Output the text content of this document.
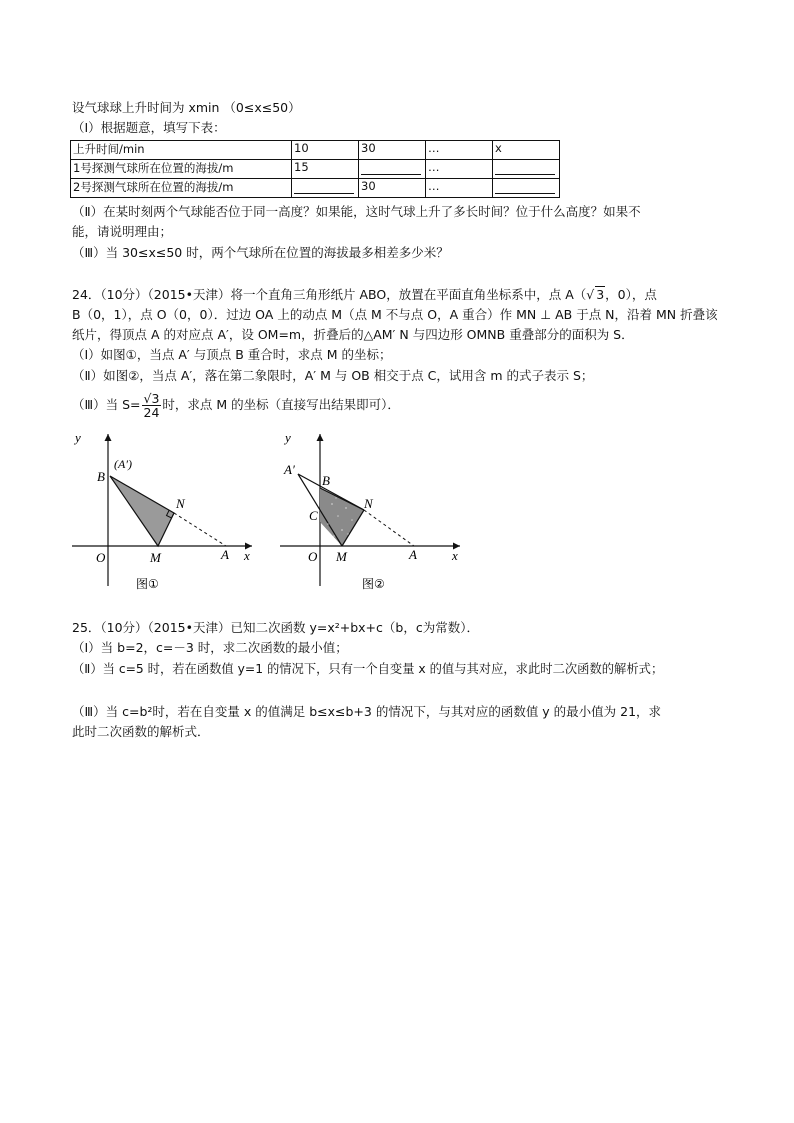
设气球球上升时间为 xmin （0≤x≤50）
（Ⅰ）根据题意，填写下表：
上升时间/min	10	30	…	x
1号探测气球所在位置的海拔/m	15		…	
2号探测气球所在位置的海拔/m		30	…	
（Ⅱ）在某时刻两个气球能否位于同一高度？如果能，这时气球上升了多长时间？位于什么高度？如果不
能，请说明理由；
（Ⅲ）当 30≤x≤50 时，两个气球所在位置的海拔最多相差多少米？
24．（10分）（2015•天津）将一个直角三角形纸片 ABO，放置在平面直角坐标系中，点 A（√ 3，0），点
B（0，1），点 O（0，0）．过边 OA 上的动点 M（点 M 不与点 O，A 重合）作 MN ⊥ AB 于点 N，沿着 MN 折叠该
纸片，得顶点 A 的对应点 A′，设 OM=m，折叠后的△AM′ N 与四边形 OMNB 重叠部分的面积为 S．
（Ⅰ）如图①，当点 A′ 与顶点 B 重合时，求点 M 的坐标；
（Ⅱ）如图②，当点 A′，落在第二象限时，A′ M 与 OB 相交于点 C，试用含 m 的式子表示 S；
（Ⅲ）当 $S= \frac{√3}{24}$ 时，求点 M 的坐标（直接写出结果即可）．
y
x
B
(A′)
N
O	M	A
图①
y
x
A′
B
C
N
O M	A
图②
25．（10分）（2015•天津）已知二次函数 y=x²+bx+c（b，c为常数）．
（Ⅰ）当 b=2，c=－3 时，求二次函数的最小值；
（Ⅱ）当 c=5 时，若在函数值 y=1 的情况下，只有一个自变量 x 的值与其对应，求此时二次函数的解析式；
（Ⅲ）当 c=b²时，若在自变量 x 的值满足 b≤x≤b+3 的情况下，与其对应的函数值 y 的最小值为 21，求
此时二次函数的解析式．
